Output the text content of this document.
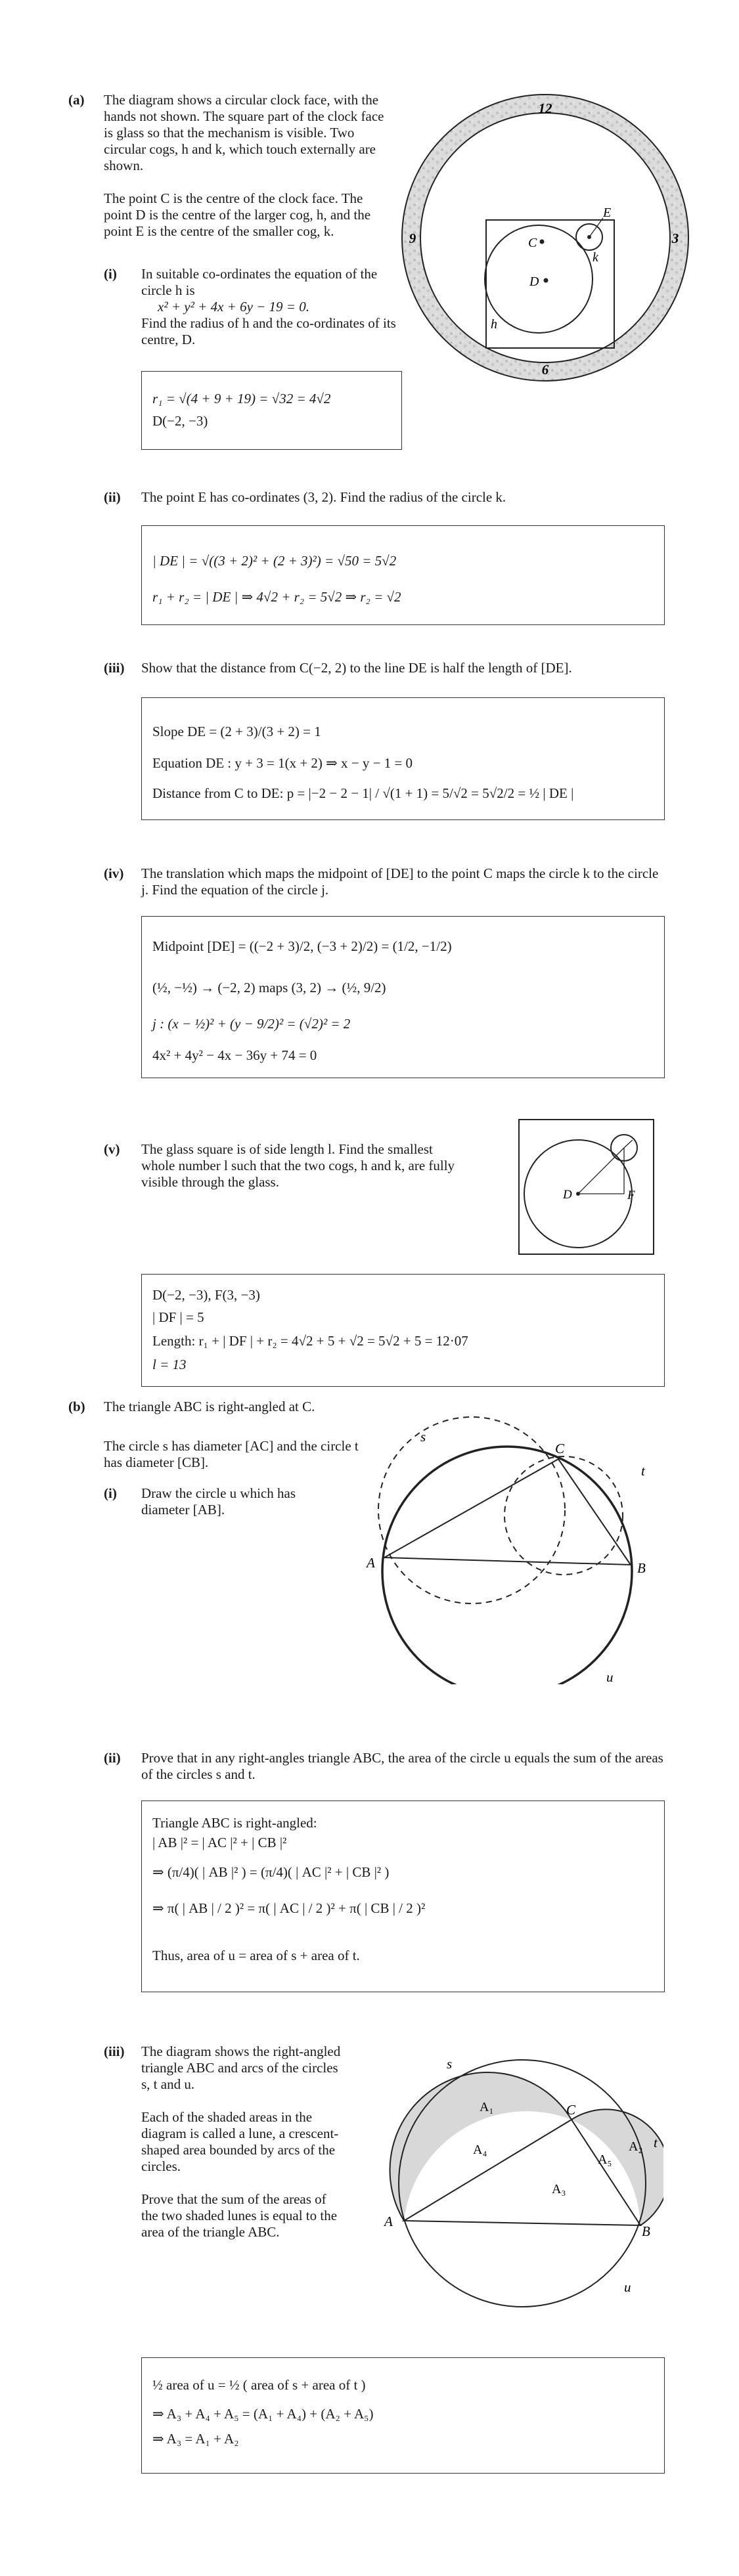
(a) The diagram shows a circular clock face, with the hands not shown. The square part of the clock face is glass so that the mechanism is visible. Two circular cogs, h and k, which touch externally are shown.
The point C is the centre of the clock face. The point D is the centre of the larger cog, h, and the point E is the centre of the smaller cog, k.
12
3
6
9	C
D
E
h
k
(i) In suitable co-ordinates the equation of the circle h is
x² + y² + 4x + 6y − 19 = 0.
Find the radius of h and the co-ordinates of its centre, D.
r₁ = √(4 + 9 + 19) = √32 = 4√2
D(−2, −3)
(ii) The point E has co-ordinates (3, 2). Find the radius of the circle k.
| DE | = √((3 + 2)² + (2 + 3)²) = √50 = 5√2
r₁ + r₂ = | DE | ⇒ 4√2 + r₂ = 5√2 ⇒ r₂ = √2
(iii) Show that the distance from C(−2, 2) to the line DE is half the length of [DE].
Slope DE = (2 + 3)/(3 + 2) = 1
Equation DE : y + 3 = 1(x + 2) ⇒ x − y − 1 = 0
Distance from C to DE: p = |−2 − 2 − 1| / √(1 + 1) = 5/√2 = 5√2/2 = ½ | DE |
(iv) The translation which maps the midpoint of [DE] to the point C maps the circle k to the circle j. Find the equation of the circle j.
Midpoint [DE] = ((−2 + 3)/2, (−3 + 2)/2) = (1/2, −1/2)
(½, −½) → (−2, 2) maps (3, 2) → (½, 9/2)
j : (x − ½)² + (y − 9/2)² = (√2)² = 2
4x² + 4y² − 4x − 36y + 74 = 0
(v) The glass square is of side length l. Find the smallest whole number l such that the two cogs, h and k, are fully visible through the glass.
D	F
D(−2, −3), F(3, −3)
| DF | = 5
Length: r₁ + | DF | + r₂ = 4√2 + 5 + √2 = 5√2 + 5 = 12·07
l = 13
(b) The triangle ABC is right-angled at C.
The circle s has diameter [AC] and the circle t has diameter [CB].
(i) Draw the circle u which has diameter [AB].
s
t
u
A	B
C
(ii) Prove that in any right-angles triangle ABC, the area of the circle u equals the sum of the areas of the circles s and t.
Triangle ABC is right-angled:
| AB |² = | AC |² + | CB |²
⇒ (π/4)( | AB |² ) = (π/4)( | AC |² + | CB |² )
⇒ π( | AB | / 2 )² = π( | AC | / 2 )² + π( | CB | / 2 )²
Thus, area of u = area of s + area of t.
(iii) The diagram shows the right-angled triangle ABC and arcs of the circles s, t and u.
Each of the shaded areas in the diagram is called a lune, a crescent-shaped area bounded by arcs of the circles.
Prove that the sum of the areas of the two shaded lunes is equal to the area of the triangle ABC.
s
t
u
A
B
C
A₁
A₂
A₃
A₄
A₅
½ area of u = ½ ( area of s + area of t )
⇒ A₃ + A₄ + A₅ = (A₁ + A₄) + (A₂ + A₅)
⇒ A₃ = A₁ + A₂
